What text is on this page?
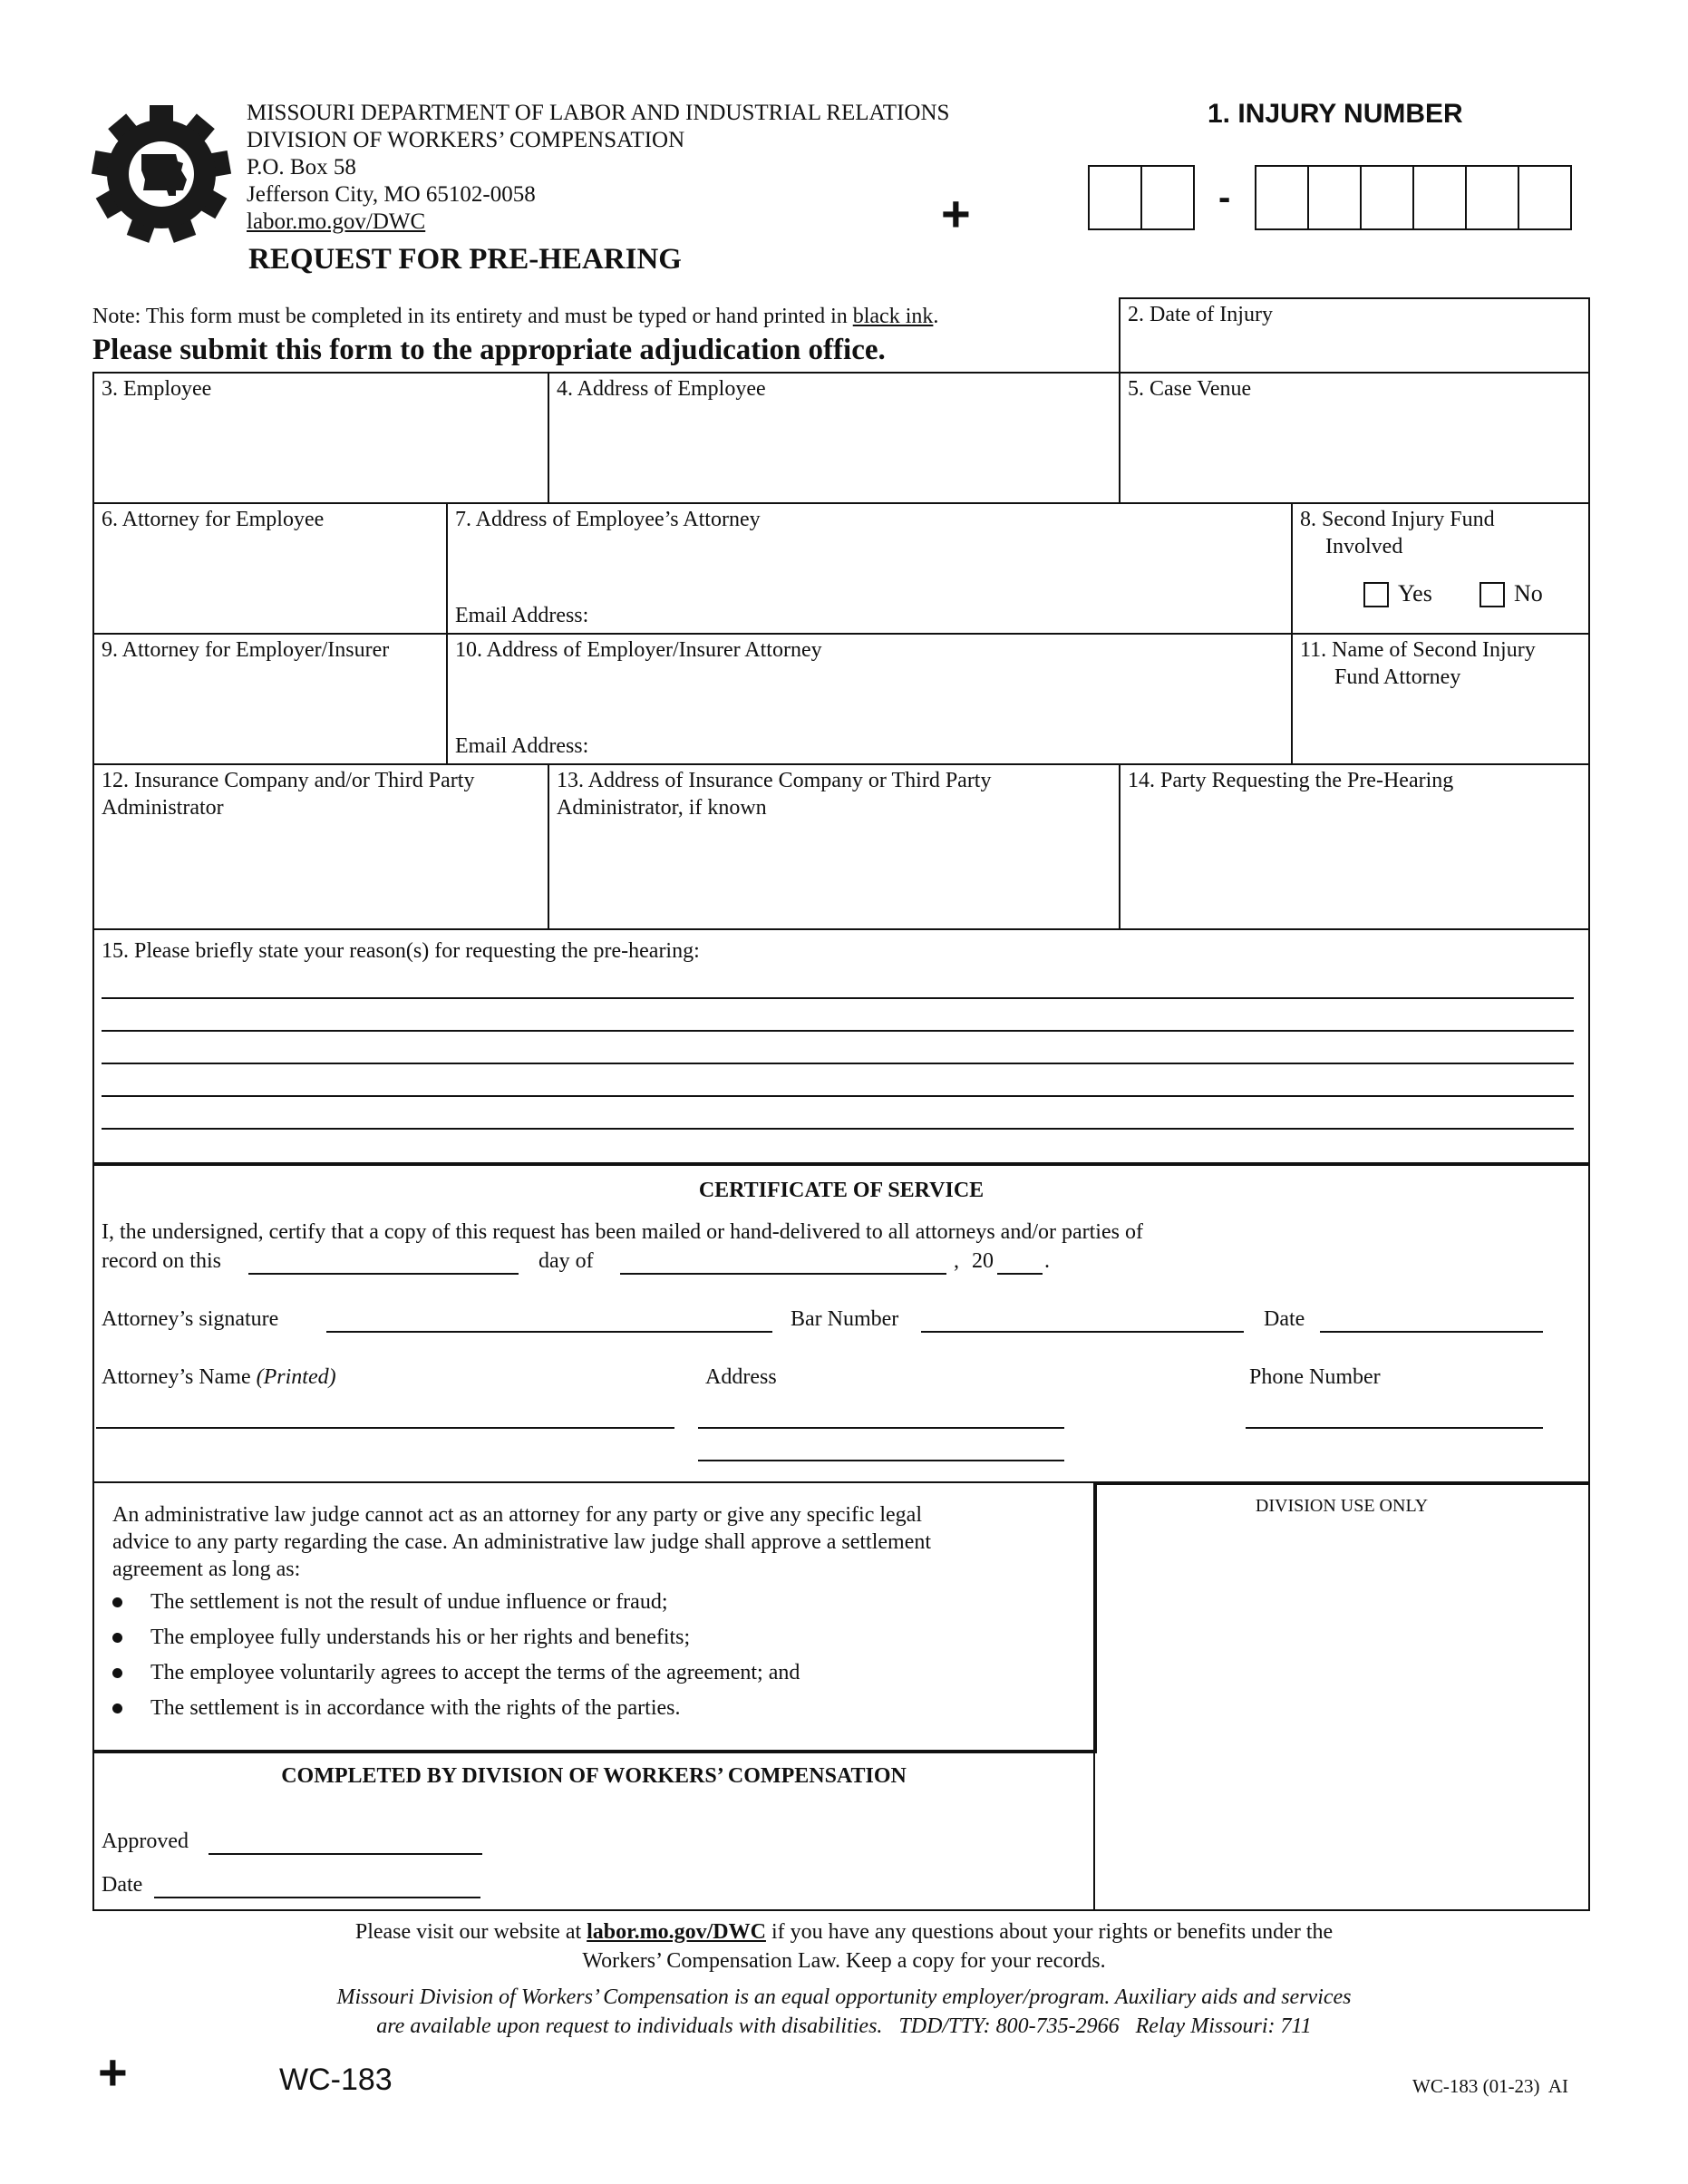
MISSOURI DEPARTMENT OF LABOR AND INDUSTRIAL RELATIONS
DIVISION OF WORKERS’ COMPENSATION
P.O. Box 58
Jefferson City, MO 65102-0058
labor.mo.gov/DWC
REQUEST FOR PRE-HEARING
+
1. INJURY NUMBER
-
Note: This form must be completed in its entirety and must be typed or hand printed in black ink.
Please submit this form to the appropriate adjudication office.
2. Date of Injury
3. Employee	4. Address of Employee	5. Case Venue
6. Attorney for Employee	7. Address of Employee’s Attorney
Email Address:
8. Second Injury Fund
Involved
Yes	No
9. Attorney for Employer/Insurer	10. Address of Employer/Insurer Attorney
Email Address:
11. Name of Second Injury
Fund Attorney
12. Insurance Company and/or Third Party
Administrator
13. Address of Insurance Company or Third Party
Administrator, if known
14. Party Requesting the Pre-Hearing
15. Please briefly state your reason(s) for requesting the pre-hearing:
CERTIFICATE OF SERVICE
I, the undersigned, certify that a copy of this request has been mailed or hand-delivered to all attorneys and/or parties of
record on this	day of	, 20 .
Attorney’s signature	Bar Number	Date
Attorney’s Name (Printed)	Address	Phone Number
An administrative law judge cannot act as an attorney for any party or give any specific legal
advice to any party regarding the case. An administrative law judge shall approve a settlement
agreement as long as:
The settlement is not the result of undue influence or fraud;
The employee fully understands his or her rights and benefits;
The employee voluntarily agrees to accept the terms of the agreement; and
The settlement is in accordance with the rights of the parties.
DIVISION USE ONLY
COMPLETED BY DIVISION OF WORKERS’ COMPENSATION
Approved
Date
Please visit our website at labor.mo.gov/DWC if you have any questions about your rights or benefits under the
Workers’ Compensation Law. Keep a copy for your records.
Missouri Division of Workers’ Compensation is an equal opportunity employer/program. Auxiliary aids and services
are available upon request to individuals with disabilities.   TDD/TTY: 800-735-2966   Relay Missouri: 711
+	WC-183	WC-183 (01-23)  AI
